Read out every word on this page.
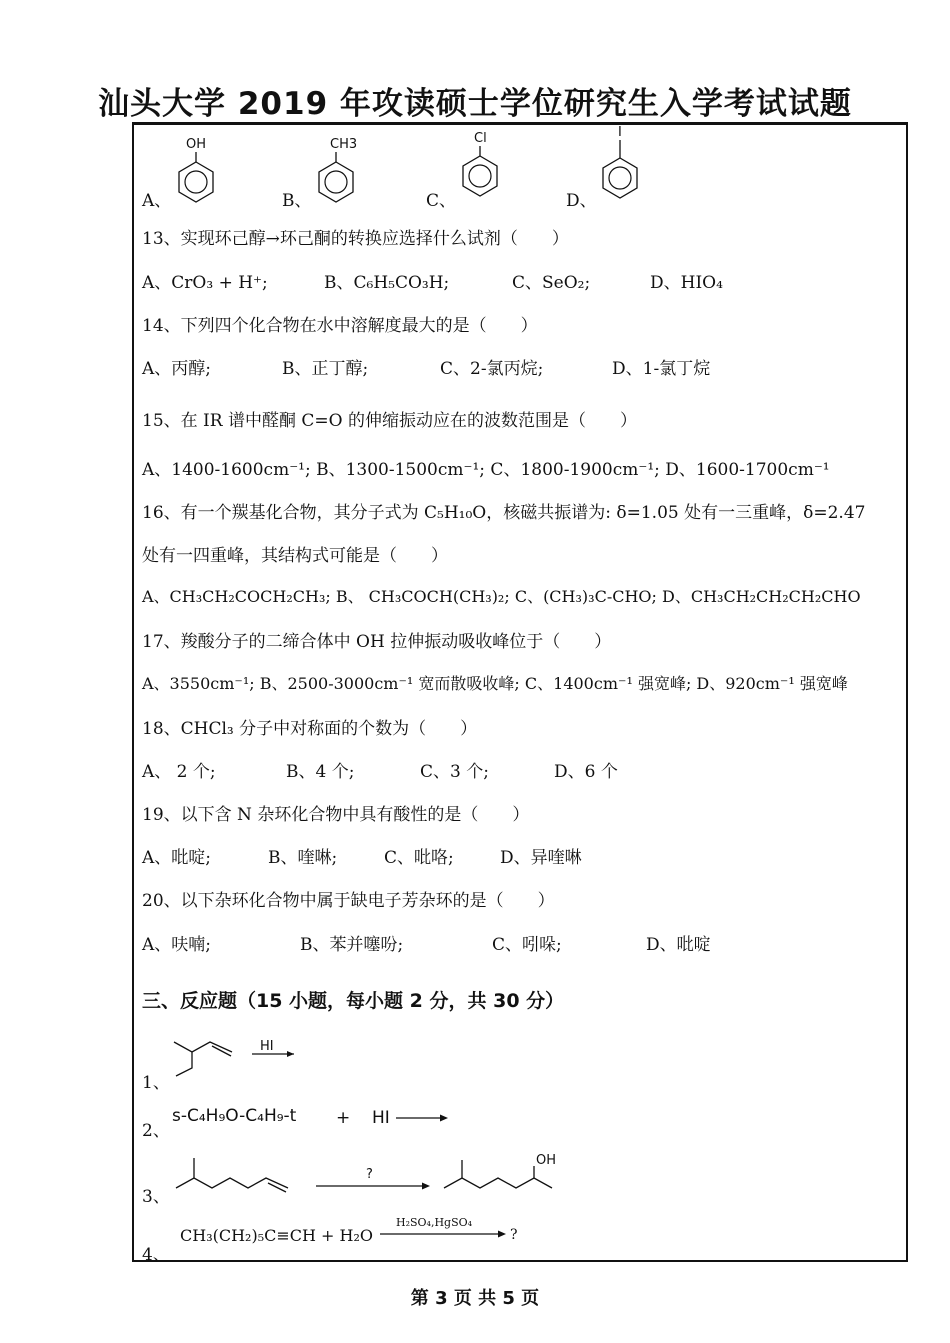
汕头大学 2019 年攻读硕士学位研究生入学考试试题
A、
OH
B、
CH3
C、
Cl
D、
I
13、实现环己醇→环己酮的转换应选择什么试剂（　　）
A、CrO₃ + H⁺;	B、C₆H₅CO₃H;	C、SeO₂;	D、HIO₄
14、下列四个化合物在水中溶解度最大的是（　　）
A、丙醇;	B、正丁醇;	C、2-氯丙烷;	D、1-氯丁烷
15、在 IR 谱中醛酮 C=O 的伸缩振动应在的波数范围是（　　）
A、1400-1600cm⁻¹; B、1300-1500cm⁻¹; C、1800-1900cm⁻¹; D、1600-1700cm⁻¹
16、有一个羰基化合物，其分子式为 C₅H₁₀O，核磁共振谱为: δ=1.05 处有一三重峰，δ=2.47
处有一四重峰，其结构式可能是（　　）
A、CH₃CH₂COCH₂CH₃; B、 CH₃COCH(CH₃)₂; C、(CH₃)₃C-CHO; D、CH₃CH₂CH₂CH₂CHO
17、羧酸分子的二缔合体中 OH 拉伸振动吸收峰位于（　　）
A、3550cm⁻¹; B、2500-3000cm⁻¹ 宽而散吸收峰; C、1400cm⁻¹ 强宽峰; D、920cm⁻¹ 强宽峰
18、CHCl₃ 分子中对称面的个数为（　　）
A、 2 个;	B、4 个;	C、3 个;	D、6 个
19、以下含 N 杂环化合物中具有酸性的是（　　）
A、吡啶;	B、喹啉;	C、吡咯;	D、异喹啉
20、以下杂环化合物中属于缺电子芳杂环的是（　　）
A、呋喃;	B、苯并噻吩;	C、吲哚;	D、吡啶
三、反应题（15 小题，每小题 2 分，共 30 分）
1、
HI
2、
s-C₄H₉O-C₄H₉-t + HI →
3、
?
OH
4、
CH₃(CH₂)₅C≡CH + H₂O
H₂SO₄,HgSO₄
?
第 3 页 共 5 页
